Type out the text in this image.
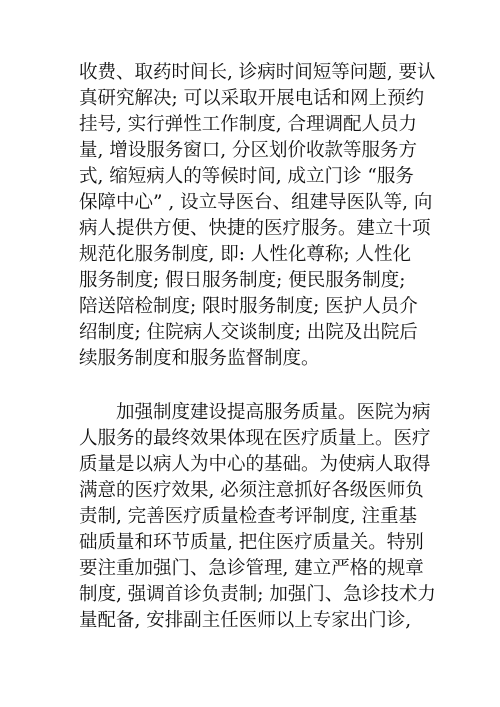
收费、取药时间长, 诊病时间短等问题, 要认
真研究解决; 可以采取开展电话和网上预约
挂号, 实行弹性工作制度, 合理调配人员力
量, 增设服务窗口, 分区划价收款等服务方
式, 缩短病人的等候时间, 成立门诊 “服务
保障中心” , 设立导医台、组建导医队等, 向
病人提供方便、快捷的医疗服务。建立十项
规范化服务制度, 即: 人性化尊称; 人性化
服务制度; 假日服务制度; 便民服务制度;
陪送陪检制度; 限时服务制度; 医护人员介
绍制度; 住院病人交谈制度; 出院及出院后
续服务制度和服务监督制度。
加强制度建设提高服务质量。医院为病
人服务的最终效果体现在医疗质量上。医疗
质量是以病人为中心的基础。为使病人取得
满意的医疗效果, 必须注意抓好各级医师负
责制, 完善医疗质量检查考评制度, 注重基
础质量和环节质量, 把住医疗质量关。特别
要注重加强门、急诊管理, 建立严格的规章
制度, 强调首诊负责制; 加强门、急诊技术力
量配备, 安排副主任医师以上专家出门诊,
